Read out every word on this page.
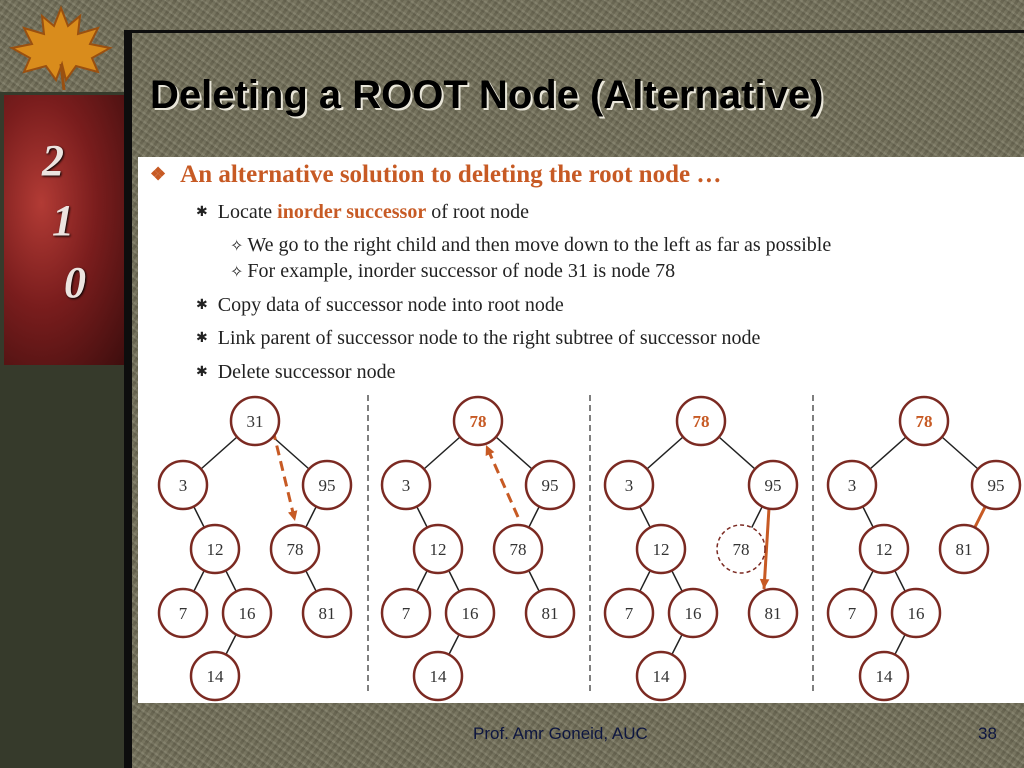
2
1
0
Deleting a ROOT Node (Alternative)
❖ An alternative solution to deleting the root node …
✱ Locate inorder successor of root node
✧ We go to the right child and then move down to the left as far as possible
✧ For example, inorder successor of node 31 is node 78
✱ Copy data of successor node into root node
✱ Link parent of successor node to the right subtree of successor node
✱ Delete successor node
31
3	95
12	78
7	16	81
14
78
3	95
12	78
7	16	81
14
78
3	95
12	78
7	16	81
14
78
3	95
12	81
7	16
14
Prof. Amr Goneid, AUC	38
